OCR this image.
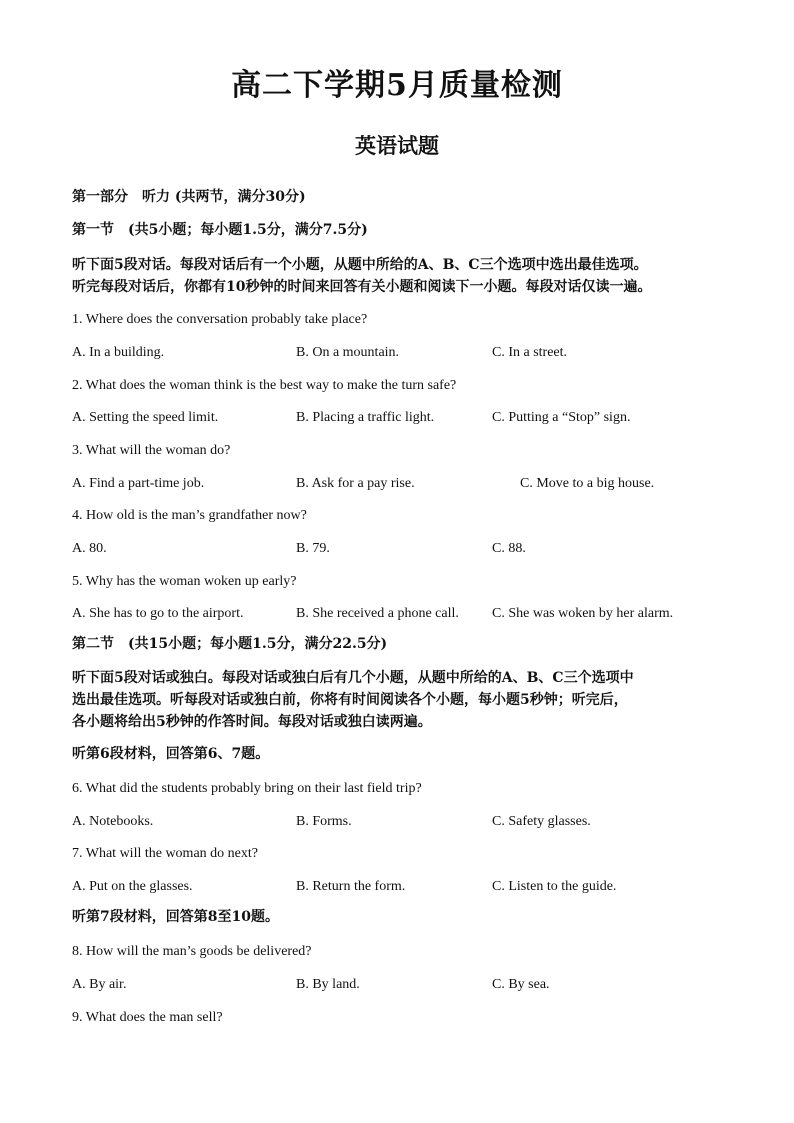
高二下学期5月质量检测
英语试题
第一部分　听力 (共两节，满分30分)
第一节　(共5小题；每小题1.5分，满分7.5分)
听下面5段对话。每段对话后有一个小题，从题中所给的A、B、C三个选项中选出最佳选项。
听完每段对话后，你都有10秒钟的时间来回答有关小题和阅读下一小题。每段对话仅读一遍。
1. Where does the conversation probably take place?
A. In a building.	B. On a mountain.	C. In a street.
2. What does the woman think is the best way to make the turn safe?
A. Setting the speed limit.	B. Placing a traffic light.	C. Putting a “Stop” sign.
3. What will the woman do?
A. Find a part-time job.	B. Ask for a pay rise.	C. Move to a big house.
4. How old is the man’s grandfather now?
A. 80.	B. 79.	C. 88.
5. Why has the woman woken up early?
A. She has to go to the airport.	B. She received a phone call. C. She was woken by her alarm.
第二节　(共15小题；每小题1.5分，满分22.5分)
听下面5段对话或独白。每段对话或独白后有几个小题，从题中所给的A、B、C三个选项中
选出最佳选项。听每段对话或独白前，你将有时间阅读各个小题，每小题5秒钟；听完后，
各小题将给出5秒钟的作答时间。每段对话或独白读两遍。
听第6段材料，回答第6、7题。
6. What did the students probably bring on their last field trip?
A. Notebooks.	B. Forms.	C. Safety glasses.
7. What will the woman do next?
A. Put on the glasses.	B. Return the form.	C. Listen to the guide.
听第7段材料，回答第8至10题。
8. How will the man’s goods be delivered?
A. By air.	B. By land.	C. By sea.
9. What does the man sell?
